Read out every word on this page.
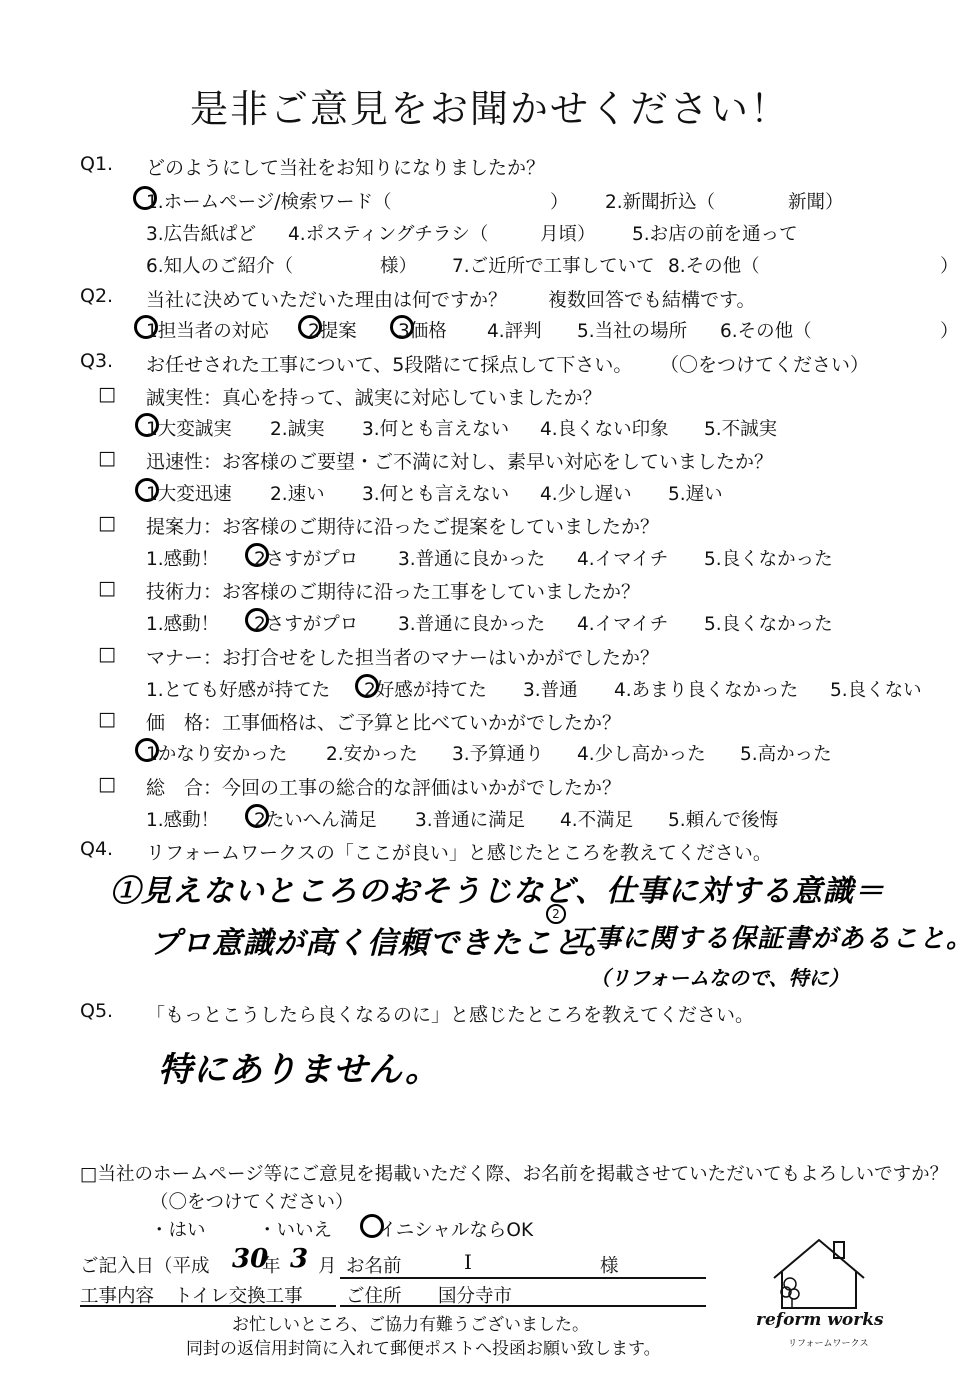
是非ご意見をお聞かせください！
Q1. どのようにして当社をお知りになりましたか？
1.ホームページ/検索ワード（	） 2.新聞折込（	新聞）
3.広告紙ぱど 4.ポスティングチラシ（	月頃） 5.お店の前を通って
6.知人のご紹介（	様） 7.ご近所で工事していて 8.その他（	）
Q2. 当社に決めていただいた理由は何ですか？ 複数回答でも結構です。
1担当者の対応 2提案 3価格 4.評判 5.当社の場所 6.その他（	）
Q3. お任せされた工事について、5段階にて採点して下さい。 （〇をつけてください）
□ 誠実性：真心を持って、誠実に対応していましたか？
1大変誠実 2.誠実 3.何とも言えない 4.良くない印象 5.不誠実
□ 迅速性：お客様のご要望・ご不満に対し、素早い対応をしていましたか？
1大変迅速 2.速い 3.何とも言えない 4.少し遅い 5.遅い
□ 提案力：お客様のご期待に沿ったご提案をしていましたか？
1.感動！ 2さすがプロ 3.普通に良かった 4.イマイチ 5.良くなかった
□ 技術力：お客様のご期待に沿った工事をしていましたか？
1.感動！ 2さすがプロ 3.普通に良かった 4.イマイチ 5.良くなかった
□ マナー：お打合せをした担当者のマナーはいかがでしたか？
1.とても好感が持てた 2好感が持てた 3.普通 4.あまり良くなかった 5.良くない
□ 価　格：工事価格は、ご予算と比べていかがでしたか？
1かなり安かった 2.安かった 3.予算通り 4.少し高かった 5.高かった
□ 総　合：今回の工事の総合的な評価はいかがでしたか？
1.感動！ 2たいへん満足 3.普通に満足 4.不満足 5.頼んで後悔
Q4. リフォームワークスの「ここが良い」と感じたところを教えてください。
①見えないところのおそうじなど、仕事に対する意識＝
プロ意識が高く信頼できたこと。
2
工事に関する保証書があること。
（リフォームなので、特に）
Q5. 「もっとこうしたら良くなるのに」と感じたところを教えてください。
特にありません。
□当社のホームページ等にご意見を掲載いただく際、お名前を掲載させていただいてもよろしいですか？
（〇をつけてください）
・はい	・いいえ イニシャルならOK
ご記入日（平成 30
年 3 月 お名前	I	様
工事内容 トイレ交換工事 ご住所 国分寺市
お忙しいところ、ご協力有難うございました。
同封の返信用封筒に入れて郵便ポストへ投函お願い致します。
reform works
リフォームワークス
